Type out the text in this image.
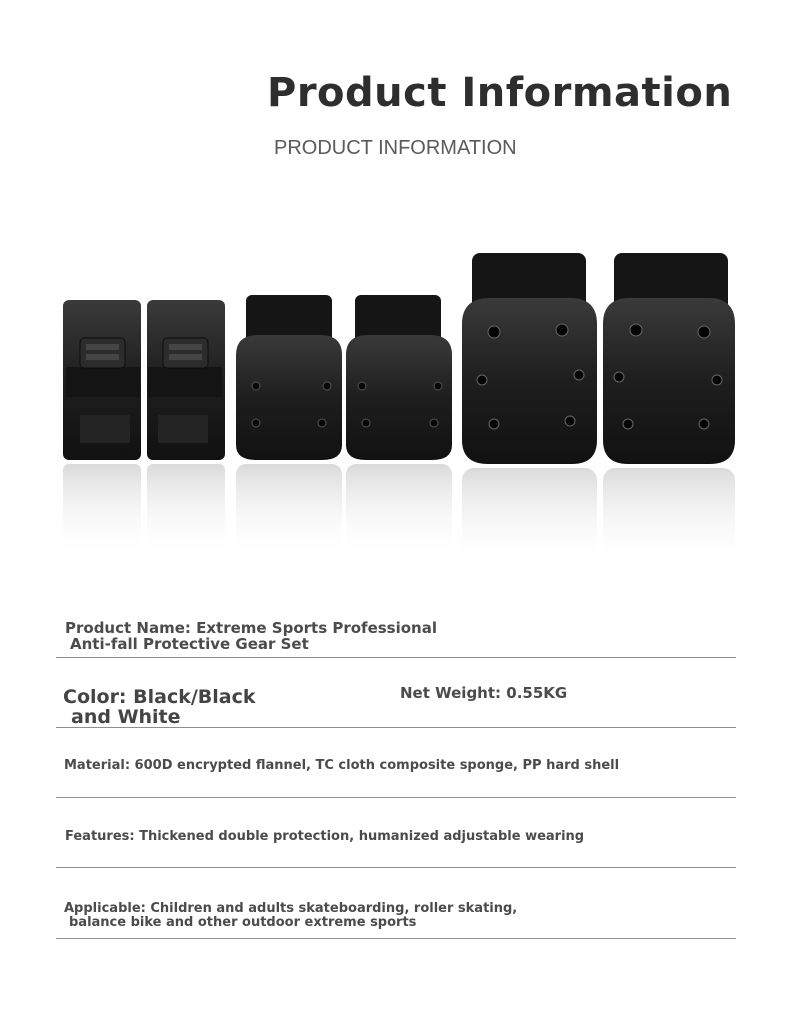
Product Information
PRODUCT INFORMATION
Product Name: Extreme Sports Professional
Anti-fall Protective Gear Set
Color: Black/Black
and White
Net Weight: 0.55KG
Material: 600D encrypted flannel, TC cloth composite sponge, PP hard shell
Features: Thickened double protection, humanized adjustable wearing
Applicable: Children and adults skateboarding, roller skating,
balance bike and other outdoor extreme sports
